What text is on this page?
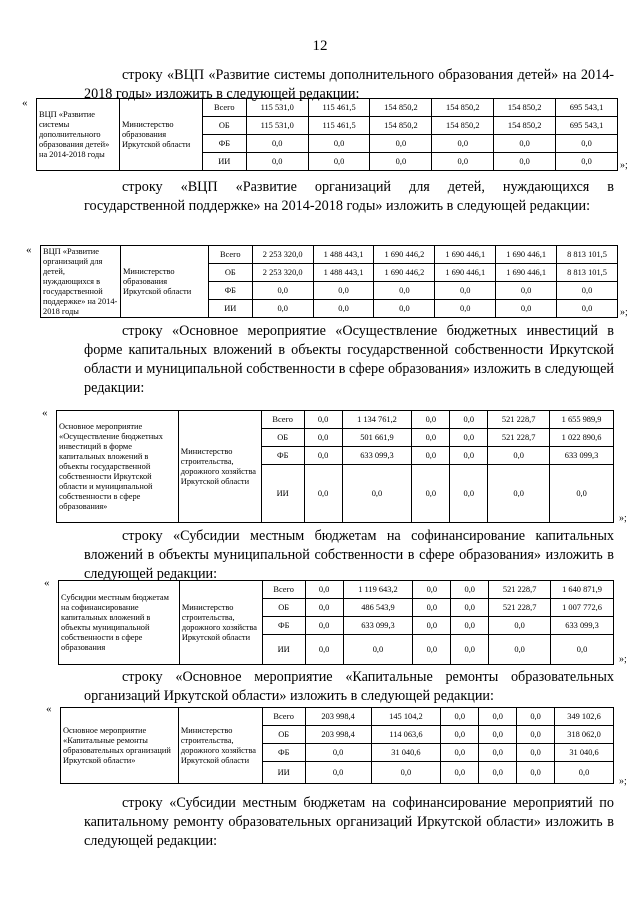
12
строку «ВЦП «Развитие системы дополнительного образования детей» на 2014-2018 годы» изложить в следующей редакции:
«
ВЦП «Развитие системы дополнительного образования детей» на 2014-2018 годы	Министерство образования Иркутской области	Всего	115 531,0	115 461,5	154 850,2	154 850,2	154 850,2	695 543,1
		ОБ	115 531,0	115 461,5	154 850,2	154 850,2	154 850,2	695 543,1
		ФБ	0,0	0,0	0,0	0,0	0,0	0,0
		ИИ	0,0	0,0	0,0	0,0	0,0	0,0	»;
строку «ВЦП «Развитие организаций для детей, нуждающихся в государственной поддержке» на 2014-2018 годы» изложить в следующей редакции:
« ВЦП «Развитие организаций для детей, нуждающихся в государственной поддержке» на 2014-2018 годы	Министерство образования Иркутской области	Всего	2 253 320,0	1 488 443,1	1 690 446,2	1 690 446,1	1 690 446,1	8 813 101,5
		ОБ	2 253 320,0	1 488 443,1	1 690 446,2	1 690 446,1	1 690 446,1	8 813 101,5
		ФБ	0,0	0,0	0,0	0,0	0,0	0,0
		ИИ	0,0	0,0	0,0	0,0	0,0	0,0	»;
строку «Основное мероприятие «Осуществление бюджетных инвестиций в форме капитальных вложений в объекты государственной собственности Иркутской области и муниципальной собственности в сфере образования» изложить в следующей редакции:
«
Основное мероприятие «Осуществление бюджетных инвестиций в форме капитальных вложений в объекты государственной собственности Иркутской области и муниципальной собственности в сфере образования»	Министерство строительства, дорожного хозяйства Иркутской области	Всего	0,0	1 134 761,2	0,0	0,0	521 228,7	1 655 989,9
		ОБ	0,0	501 661,9	0,0	0,0	521 228,7	1 022 890,6
		ФБ	0,0	633 099,3	0,0	0,0	0,0	633 099,3
		ИИ	0,0	0,0	0,0	0,0	0,0	0,0
»;
строку «Субсидии местным бюджетам на софинансирование капитальных вложений в объекты муниципальной собственности в сфере образования» изложить в следующей редакции:
«
Субсидии местным бюджетам на софинансирование капитальных вложений в объекты муниципальной собственности в сфере образования	Министерство строительства, дорожного хозяйства Иркутской области	Всего	0,0	1 119 643,2	0,0	0,0	521 228,7	1 640 871,9
		ОБ	0,0	486 543,9	0,0	0,0	521 228,7	1 007 772,6
		ФБ	0,0	633 099,3	0,0	0,0	0,0	633 099,3
		ИИ	0,0	0,0	0,0	0,0	0,0	0,0
»;
строку «Основное мероприятие «Капитальные ремонты образовательных организаций Иркутской области» изложить в следующей редакции:
«
Основное мероприятие «Капитальные ремонты образовательных организаций Иркутской области»	Министерство строительства, дорожного хозяйства Иркутской области	Всего	203 998,4	145 104,2	0,0	0,0	0,0	349 102,6
		ОБ	203 998,4	114 063,6	0,0	0,0	0,0	318 062,0
		ФБ	0,0	31 040,6	0,0	0,0	0,0	31 040,6
		ИИ	0,0	0,0	0,0	0,0	0,0	0,0
»;
строку «Субсидии местным бюджетам на софинансирование мероприятий по капитальному ремонту образовательных организаций Иркутской области» изложить в следующей редакции:
